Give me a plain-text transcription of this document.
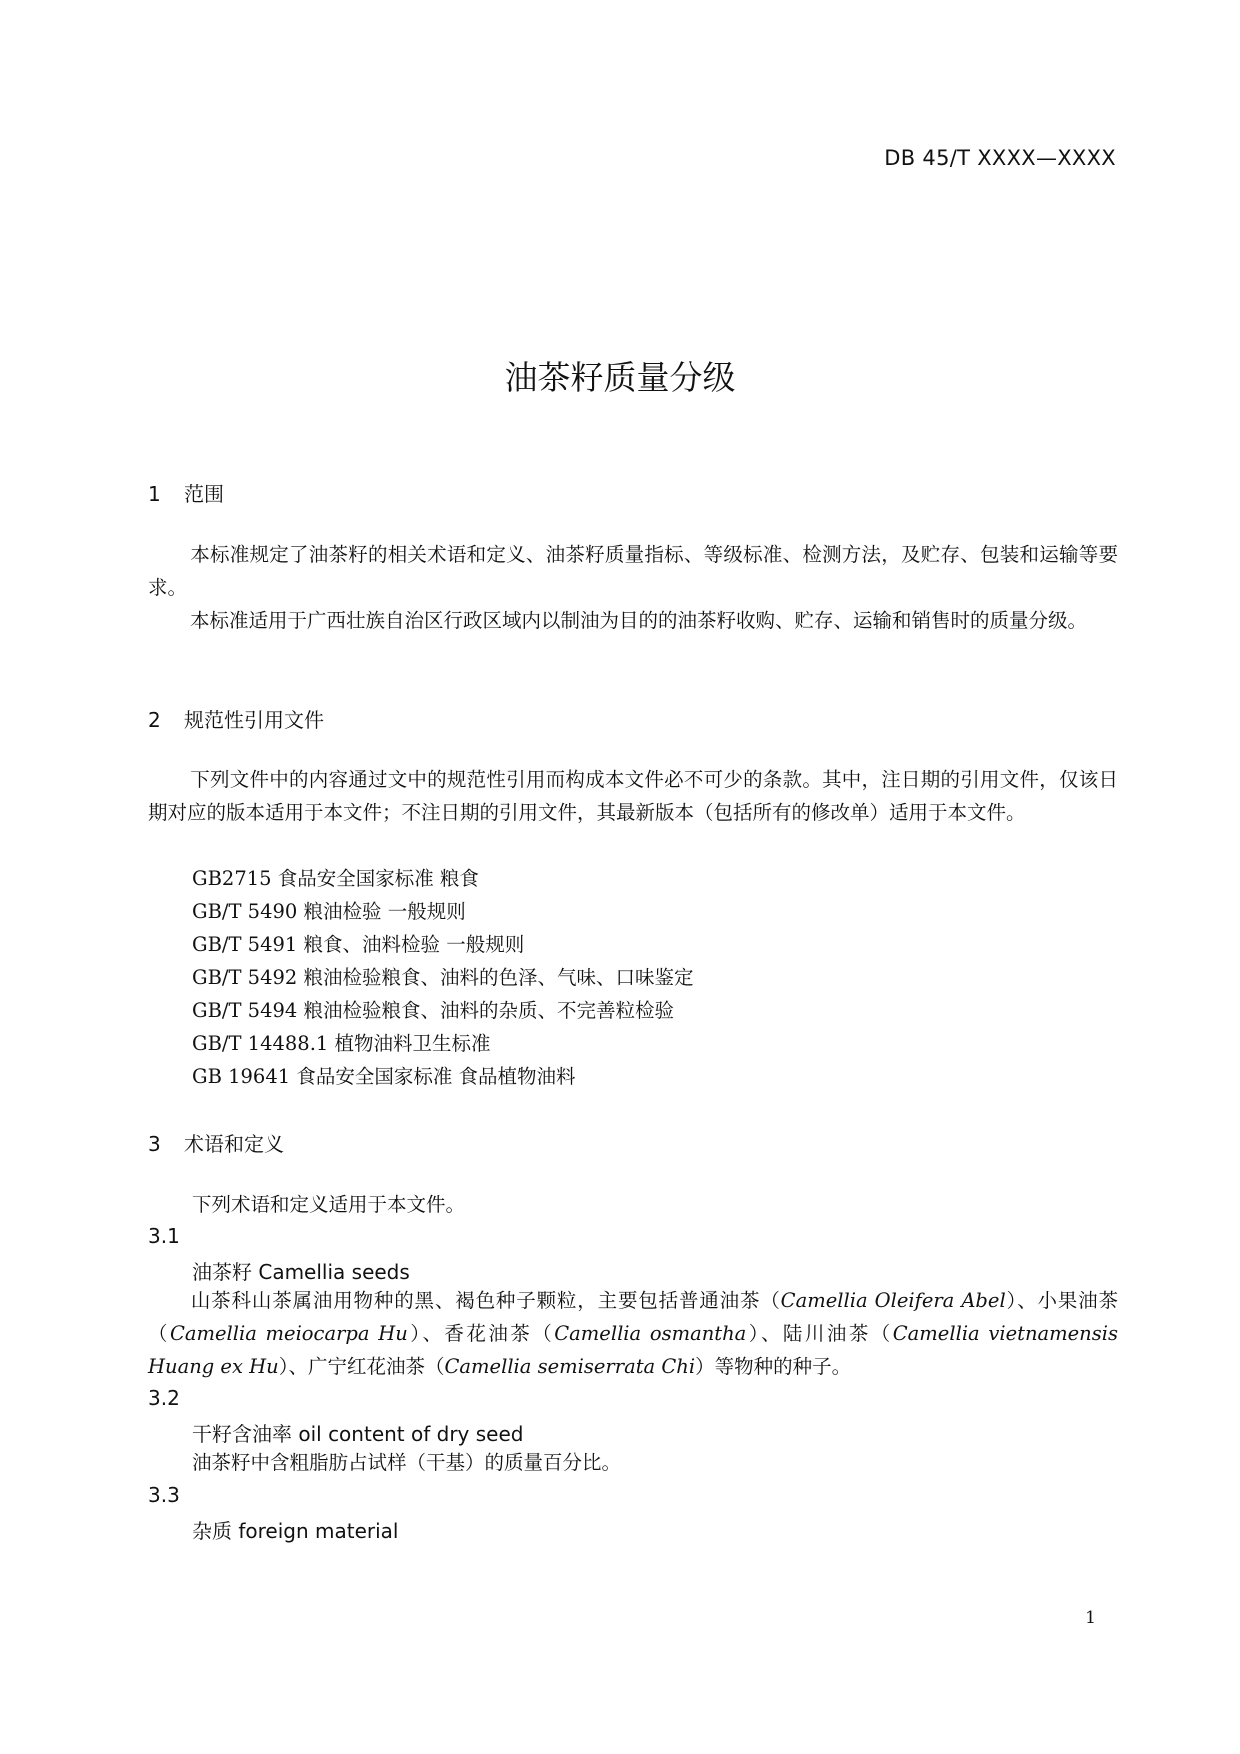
DB 45/T XXXX—XXXX
油茶籽质量分级
1 范围
本标准规定了油茶籽的相关术语和定义、油茶籽质量指标、等级标准、检测方法，及贮存、包装和运输等要求。
本标准适用于广西壮族自治区行政区域内以制油为目的的油茶籽收购、贮存、运输和销售时的质量分级。
2 规范性引用文件
下列文件中的内容通过文中的规范性引用而构成本文件必不可少的条款。其中，注日期的引用文件，仅该日期对应的版本适用于本文件；不注日期的引用文件，其最新版本（包括所有的修改单）适用于本文件。
GB2715 食品安全国家标准 粮食
GB/T 5490 粮油检验 一般规则
GB/T 5491 粮食、油料检验 一般规则
GB/T 5492 粮油检验粮食、油料的色泽、气味、口味鉴定
GB/T 5494 粮油检验粮食、油料的杂质、不完善粒检验
GB/T 14488.1 植物油料卫生标准
GB 19641 食品安全国家标准 食品植物油料
3 术语和定义
下列术语和定义适用于本文件。
3.1
油茶籽 Camellia seeds
山茶科山茶属油用物种的黑、褐色种子颗粒，主要包括普通油茶（Camellia Oleifera Abel）、小果油茶（Camellia meiocarpa Hu）、香花油茶（Camellia osmantha）、陆川油茶（Camellia vietnamensis Huang ex Hu）、广宁红花油茶（Camellia semiserrata Chi）等物种的种子。
3.2
干籽含油率 oil content of dry seed
油茶籽中含粗脂肪占试样（干基）的质量百分比。
3.3
杂质 foreign material
1
